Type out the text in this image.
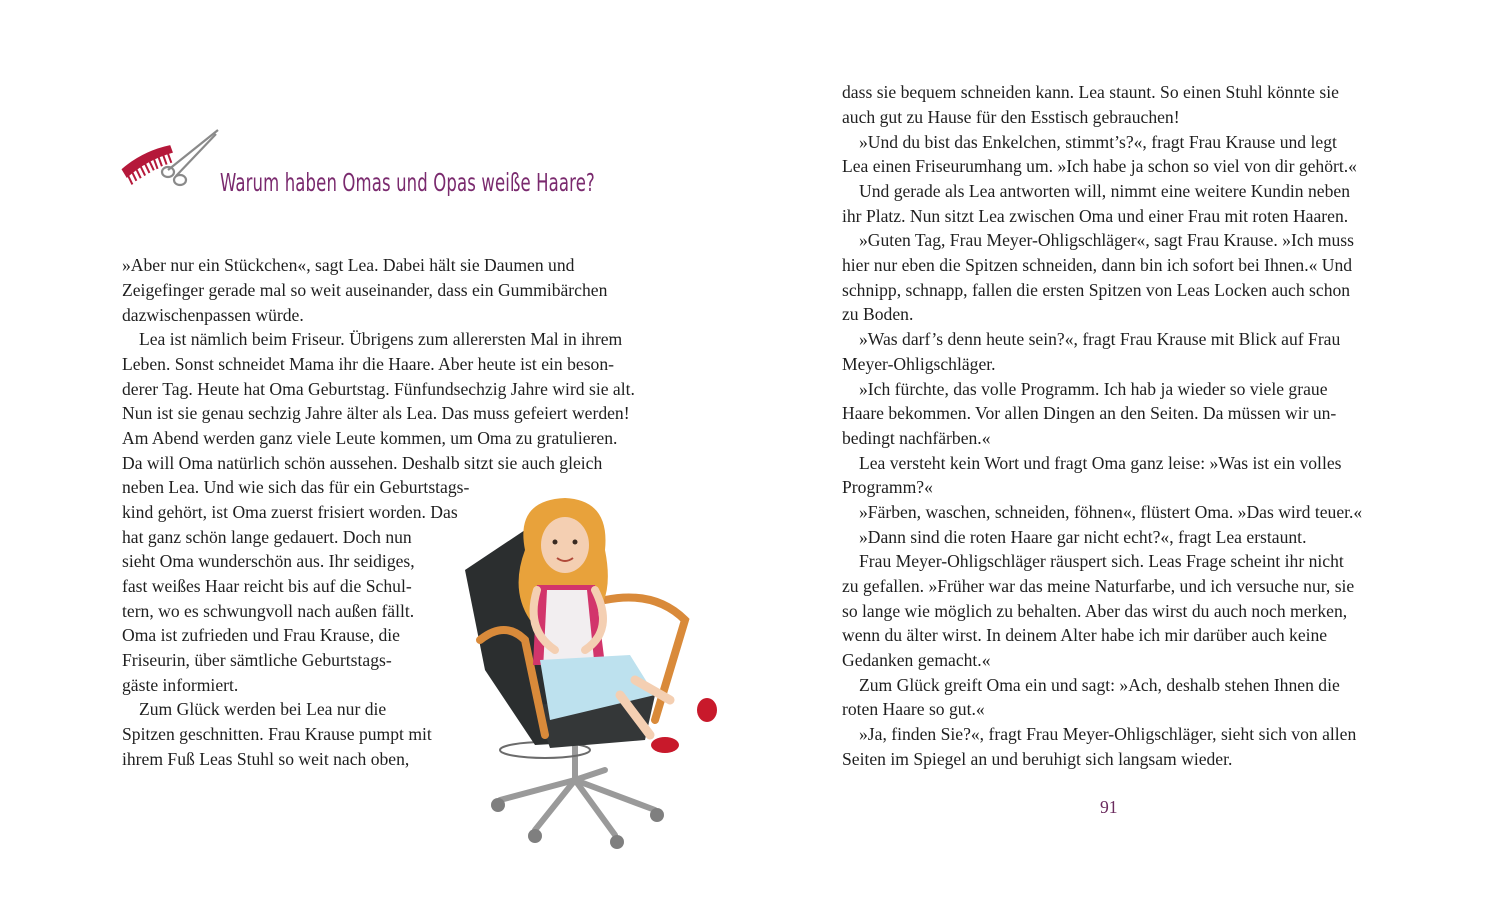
Warum haben Omas und Opas weiße Haare?
»Aber nur ein Stückchen«, sagt Lea. Dabei hält sie Daumen und
Zeigefinger gerade mal so weit auseinander, dass ein Gummibärchen
dazwischenpassen würde.
Lea ist nämlich beim Friseur. Übrigens zum allerersten Mal in ihrem
Leben. Sonst schneidet Mama ihr die Haare. Aber heute ist ein beson-
derer Tag. Heute hat Oma Geburtstag. Fünfundsechzig Jahre wird sie alt.
Nun ist sie genau sechzig Jahre älter als Lea. Das muss gefeiert werden!
Am Abend werden ganz viele Leute kommen, um Oma zu gratulieren.
Da will Oma natürlich schön aussehen. Deshalb sitzt sie auch gleich
neben Lea. Und wie sich das für ein Geburtstags-
kind gehört, ist Oma zuerst frisiert worden. Das
hat ganz schön lange gedauert. Doch nun
sieht Oma wunderschön aus. Ihr seidiges,
fast weißes Haar reicht bis auf die Schul-
tern, wo es schwungvoll nach außen fällt.
Oma ist zufrieden und Frau Krause, die
Friseurin, über sämtliche Geburtstags-
gäste informiert.
Zum Glück werden bei Lea nur die
Spitzen geschnitten. Frau Krause pumpt mit
ihrem Fuß Leas Stuhl so weit nach oben,
dass sie bequem schneiden kann. Lea staunt. So einen Stuhl könnte sie
auch gut zu Hause für den Esstisch gebrauchen!
»Und du bist das Enkelchen, stimmt’s?«, fragt Frau Krause und legt
Lea einen Friseurumhang um. »Ich habe ja schon so viel von dir gehört.«
Und gerade als Lea antworten will, nimmt eine weitere Kundin neben
ihr Platz. Nun sitzt Lea zwischen Oma und einer Frau mit roten Haaren.
»Guten Tag, Frau Meyer-Ohligschläger«, sagt Frau Krause. »Ich muss
hier nur eben die Spitzen schneiden, dann bin ich sofort bei Ihnen.« Und
schnipp, schnapp, fallen die ersten Spitzen von Leas Locken auch schon
zu Boden.
»Was darf’s denn heute sein?«, fragt Frau Krause mit Blick auf Frau
Meyer-Ohligschläger.
»Ich fürchte, das volle Programm. Ich hab ja wieder so viele graue
Haare bekommen. Vor allen Dingen an den Seiten. Da müssen wir un-
bedingt nachfärben.«
Lea versteht kein Wort und fragt Oma ganz leise: »Was ist ein volles
Programm?«
»Färben, waschen, schneiden, föhnen«, flüstert Oma. »Das wird teuer.«
»Dann sind die roten Haare gar nicht echt?«, fragt Lea erstaunt.
Frau Meyer-Ohligschläger räuspert sich. Leas Frage scheint ihr nicht
zu gefallen. »Früher war das meine Naturfarbe, und ich versuche nur, sie
so lange wie möglich zu behalten. Aber das wirst du auch noch merken,
wenn du älter wirst. In deinem Alter habe ich mir darüber auch keine
Gedanken gemacht.«
Zum Glück greift Oma ein und sagt: »Ach, deshalb stehen Ihnen die
roten Haare so gut.«
»Ja, finden Sie?«, fragt Frau Meyer-Ohligschläger, sieht sich von allen
Seiten im Spiegel an und beruhigt sich langsam wieder.
91
